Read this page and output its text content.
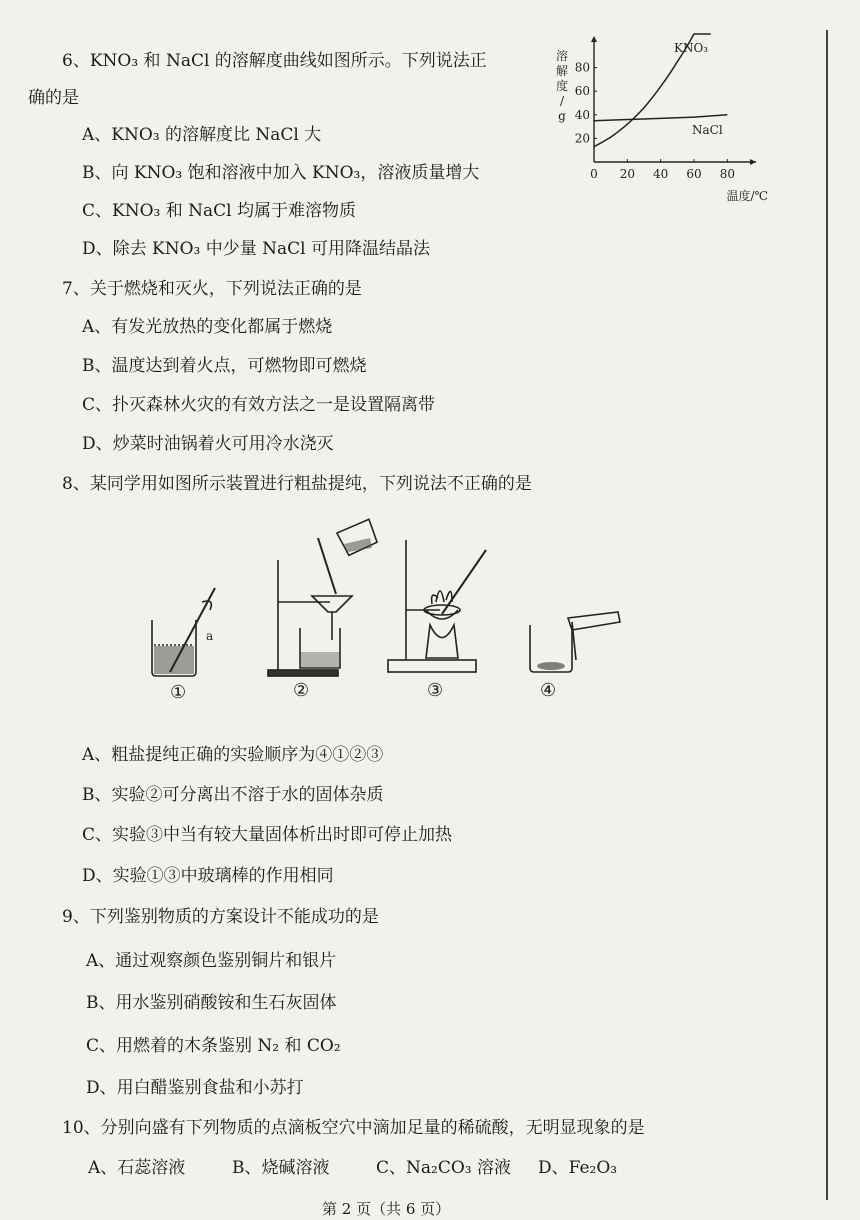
6、KNO₃ 和 NaCl 的溶解度曲线如图所示。下列说法正
确的是
A、KNO₃ 的溶解度比 NaCl 大
B、向 KNO₃ 饱和溶液中加入 KNO₃，溶液质量增大
C、KNO₃ 和 NaCl 均属于难溶物质
D、除去 KNO₃ 中少量 NaCl 可用降温结晶法
0 20 40 60 80
20
40
60
80
溶
解
度
/
g
温度/℃
KNO₃
NaCl
7、关于燃烧和灭火，下列说法正确的是
A、有发光放热的变化都属于燃烧
B、温度达到着火点，可燃物即可燃烧
C、扑灭森林火灾的有效方法之一是设置隔离带
D、炒菜时油锅着火可用冷水浇灭
8、某同学用如图所示装置进行粗盐提纯，下列说法不正确的是
a
①	②	③	④
A、粗盐提纯正确的实验顺序为④①②③
B、实验②可分离出不溶于水的固体杂质
C、实验③中当有较大量固体析出时即可停止加热
D、实验①③中玻璃棒的作用相同
9、下列鉴别物质的方案设计不能成功的是
A、通过观察颜色鉴别铜片和银片
B、用水鉴别硝酸铵和生石灰固体
C、用燃着的木条鉴别 N₂ 和 CO₂
D、用白醋鉴别食盐和小苏打
10、分别向盛有下列物质的点滴板空穴中滴加足量的稀硫酸，无明显现象的是
A、石蕊溶液	B、烧碱溶液	C、Na₂CO₃ 溶液 D、Fe₂O₃
第 2 页（共 6 页）
